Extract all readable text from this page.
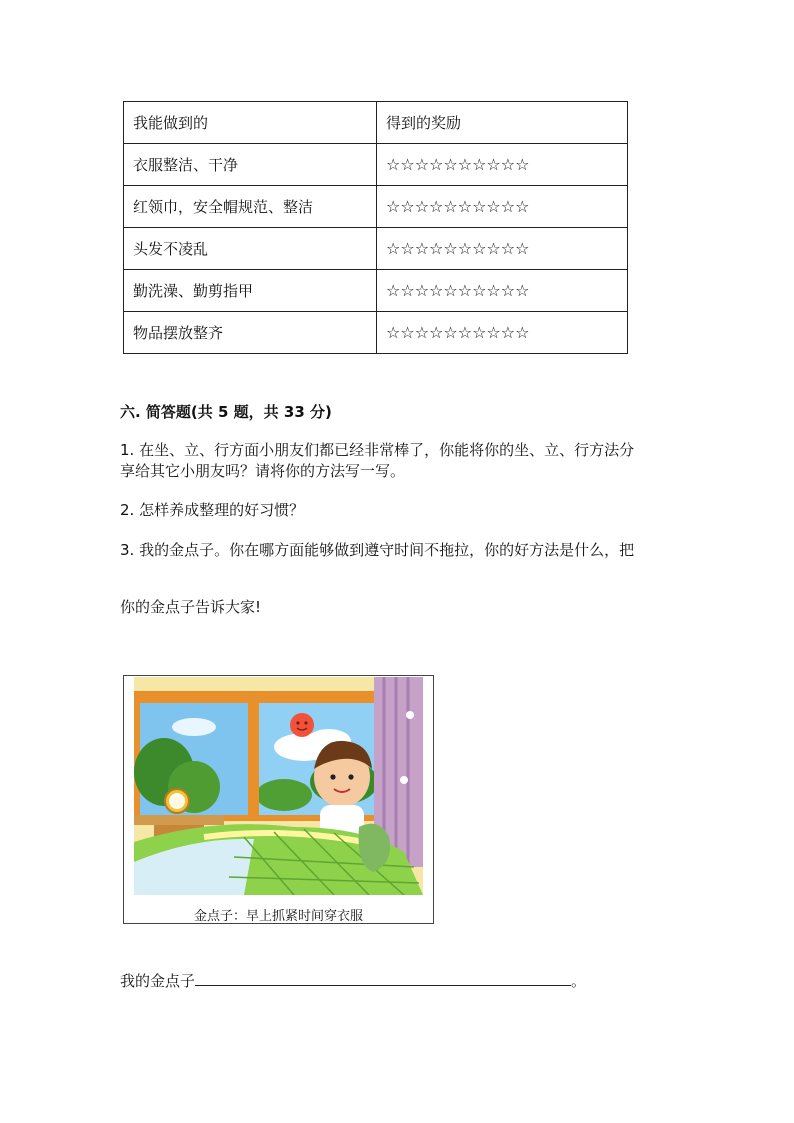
我能做到的	得到的奖励
衣服整洁、干净	☆☆☆☆☆☆☆☆☆☆
红领巾，安全帽规范、整洁	☆☆☆☆☆☆☆☆☆☆
头发不凌乱	☆☆☆☆☆☆☆☆☆☆
勤洗澡、勤剪指甲	☆☆☆☆☆☆☆☆☆☆
物品摆放整齐	☆☆☆☆☆☆☆☆☆☆
六. 简答题(共 5 题，共 33 分)
1. 在坐、立、行方面小朋友们都已经非常棒了，你能将你的坐、立、行方法分
享给其它小朋友吗？请将你的方法写一写。
2. 怎样养成整理的好习惯？
3. 我的金点子。你在哪方面能够做到遵守时间不拖拉，你的好方法是什么，把
你的金点子告诉大家!
金点子：早上抓紧时间穿衣服
我的金点子	。
